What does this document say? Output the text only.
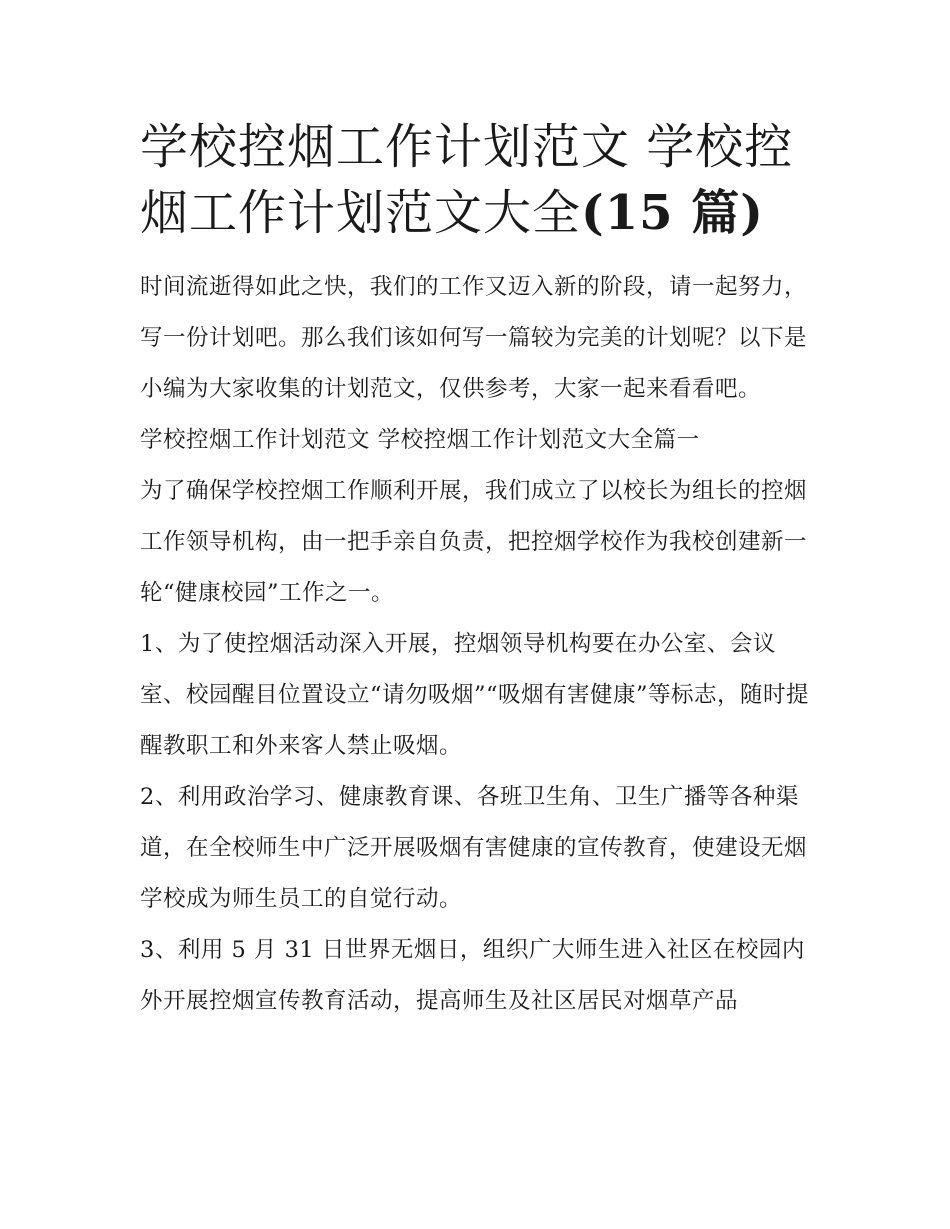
学校控烟工作计划范文 学校控烟工作计划范文大全(15 篇)

时间流逝得如此之快，我们的工作又迈入新的阶段，请一起努力，写一份计划吧。那么我们该如何写一篇较为完美的计划呢？以下是小编为大家收集的计划范文，仅供参考，大家一起来看看吧。

学校控烟工作计划范文 学校控烟工作计划范文大全篇一

为了确保学校控烟工作顺利开展，我们成立了以校长为组长的控烟工作领导机构，由一把手亲自负责，把控烟学校作为我校创建新一轮“健康校园”工作之一。

1、为了使控烟活动深入开展，控烟领导机构要在办公室、会议室、校园醒目位置设立“请勿吸烟”“吸烟有害健康”等标志，随时提醒教职工和外来客人禁止吸烟。

2、利用政治学习、健康教育课、各班卫生角、卫生广播等各种渠道，在全校师生中广泛开展吸烟有害健康的宣传教育，使建设无烟学校成为师生员工的自觉行动。

3、利用 5 月 31 日世界无烟日，组织广大师生进入社区在校园内外开展控烟宣传教育活动，提高师生及社区居民对烟草产品
